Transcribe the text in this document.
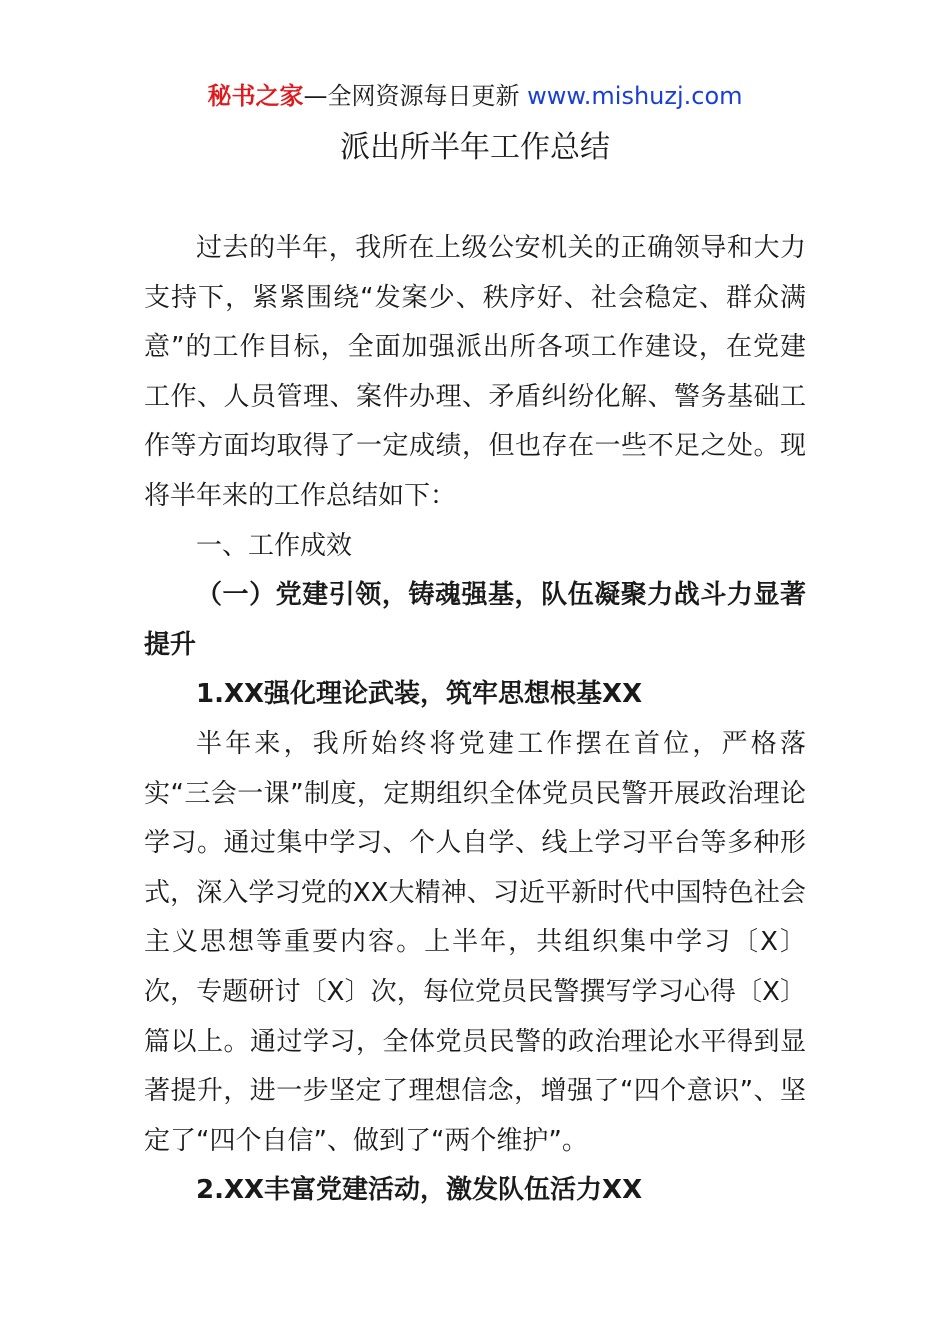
秘书之家—全网资源每日更新 www.mishuzj.com
派出所半年工作总结

过去的半年，我所在上级公安机关的正确领导和大力支持下，紧紧围绕“发案少、秩序好、社会稳定、群众满意”的工作目标，全面加强派出所各项工作建设，在党建工作、人员管理、案件办理、矛盾纠纷化解、警务基础工作等方面均取得了一定成绩，但也存在一些不足之处。现将半年来的工作总结如下：

一、工作成效

（一）党建引领，铸魂强基，队伍凝聚力战斗力显著提升

1.XX强化理论武装，筑牢思想根基XX

半年来，我所始终将党建工作摆在首位，严格落实“三会一课”制度，定期组织全体党员民警开展政治理论学习。通过集中学习、个人自学、线上学习平台等多种形式，深入学习党的XX大精神、习近平新时代中国特色社会主义思想等重要内容。上半年，共组织集中学习〔X〕次，专题研讨〔X〕次，每位党员民警撰写学习心得〔X〕篇以上。通过学习，全体党员民警的政治理论水平得到显著提升，进一步坚定了理想信念，增强了“四个意识”、坚定了“四个自信”、做到了“两个维护”。

2.XX丰富党建活动，激发队伍活力XX
